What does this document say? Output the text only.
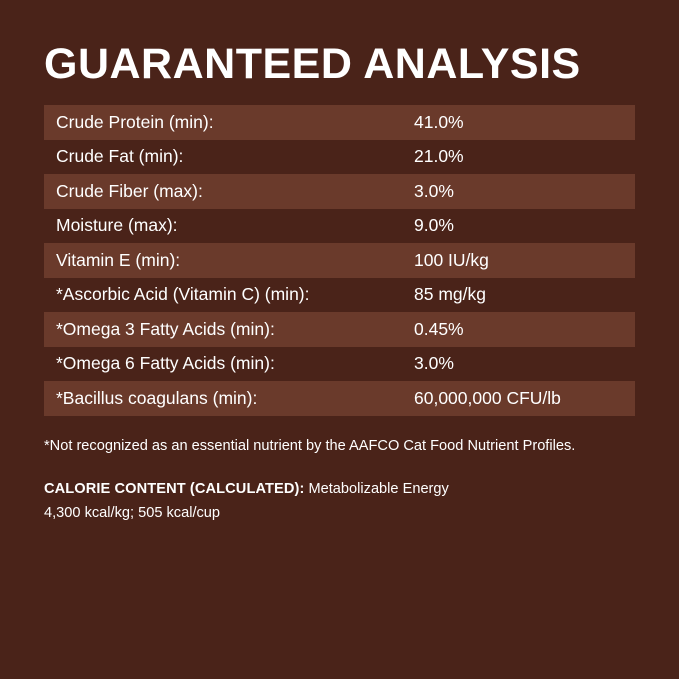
GUARANTEED ANALYSIS
Crude Protein (min):	41.0%
Crude Fat (min):	21.0%
Crude Fiber (max):	3.0%
Moisture (max):	9.0%
Vitamin E (min):	100 IU/kg
*Ascorbic Acid (Vitamin C) (min):	85 mg/kg
*Omega 3 Fatty Acids (min):	0.45%
*Omega 6 Fatty Acids (min):	3.0%
*Bacillus coagulans (min):	60,000,000 CFU/lb
*Not recognized as an essential nutrient by the AAFCO Cat Food Nutrient Profiles.
CALORIE CONTENT (CALCULATED): Metabolizable Energy
4,300 kcal/kg; 505 kcal/cup
